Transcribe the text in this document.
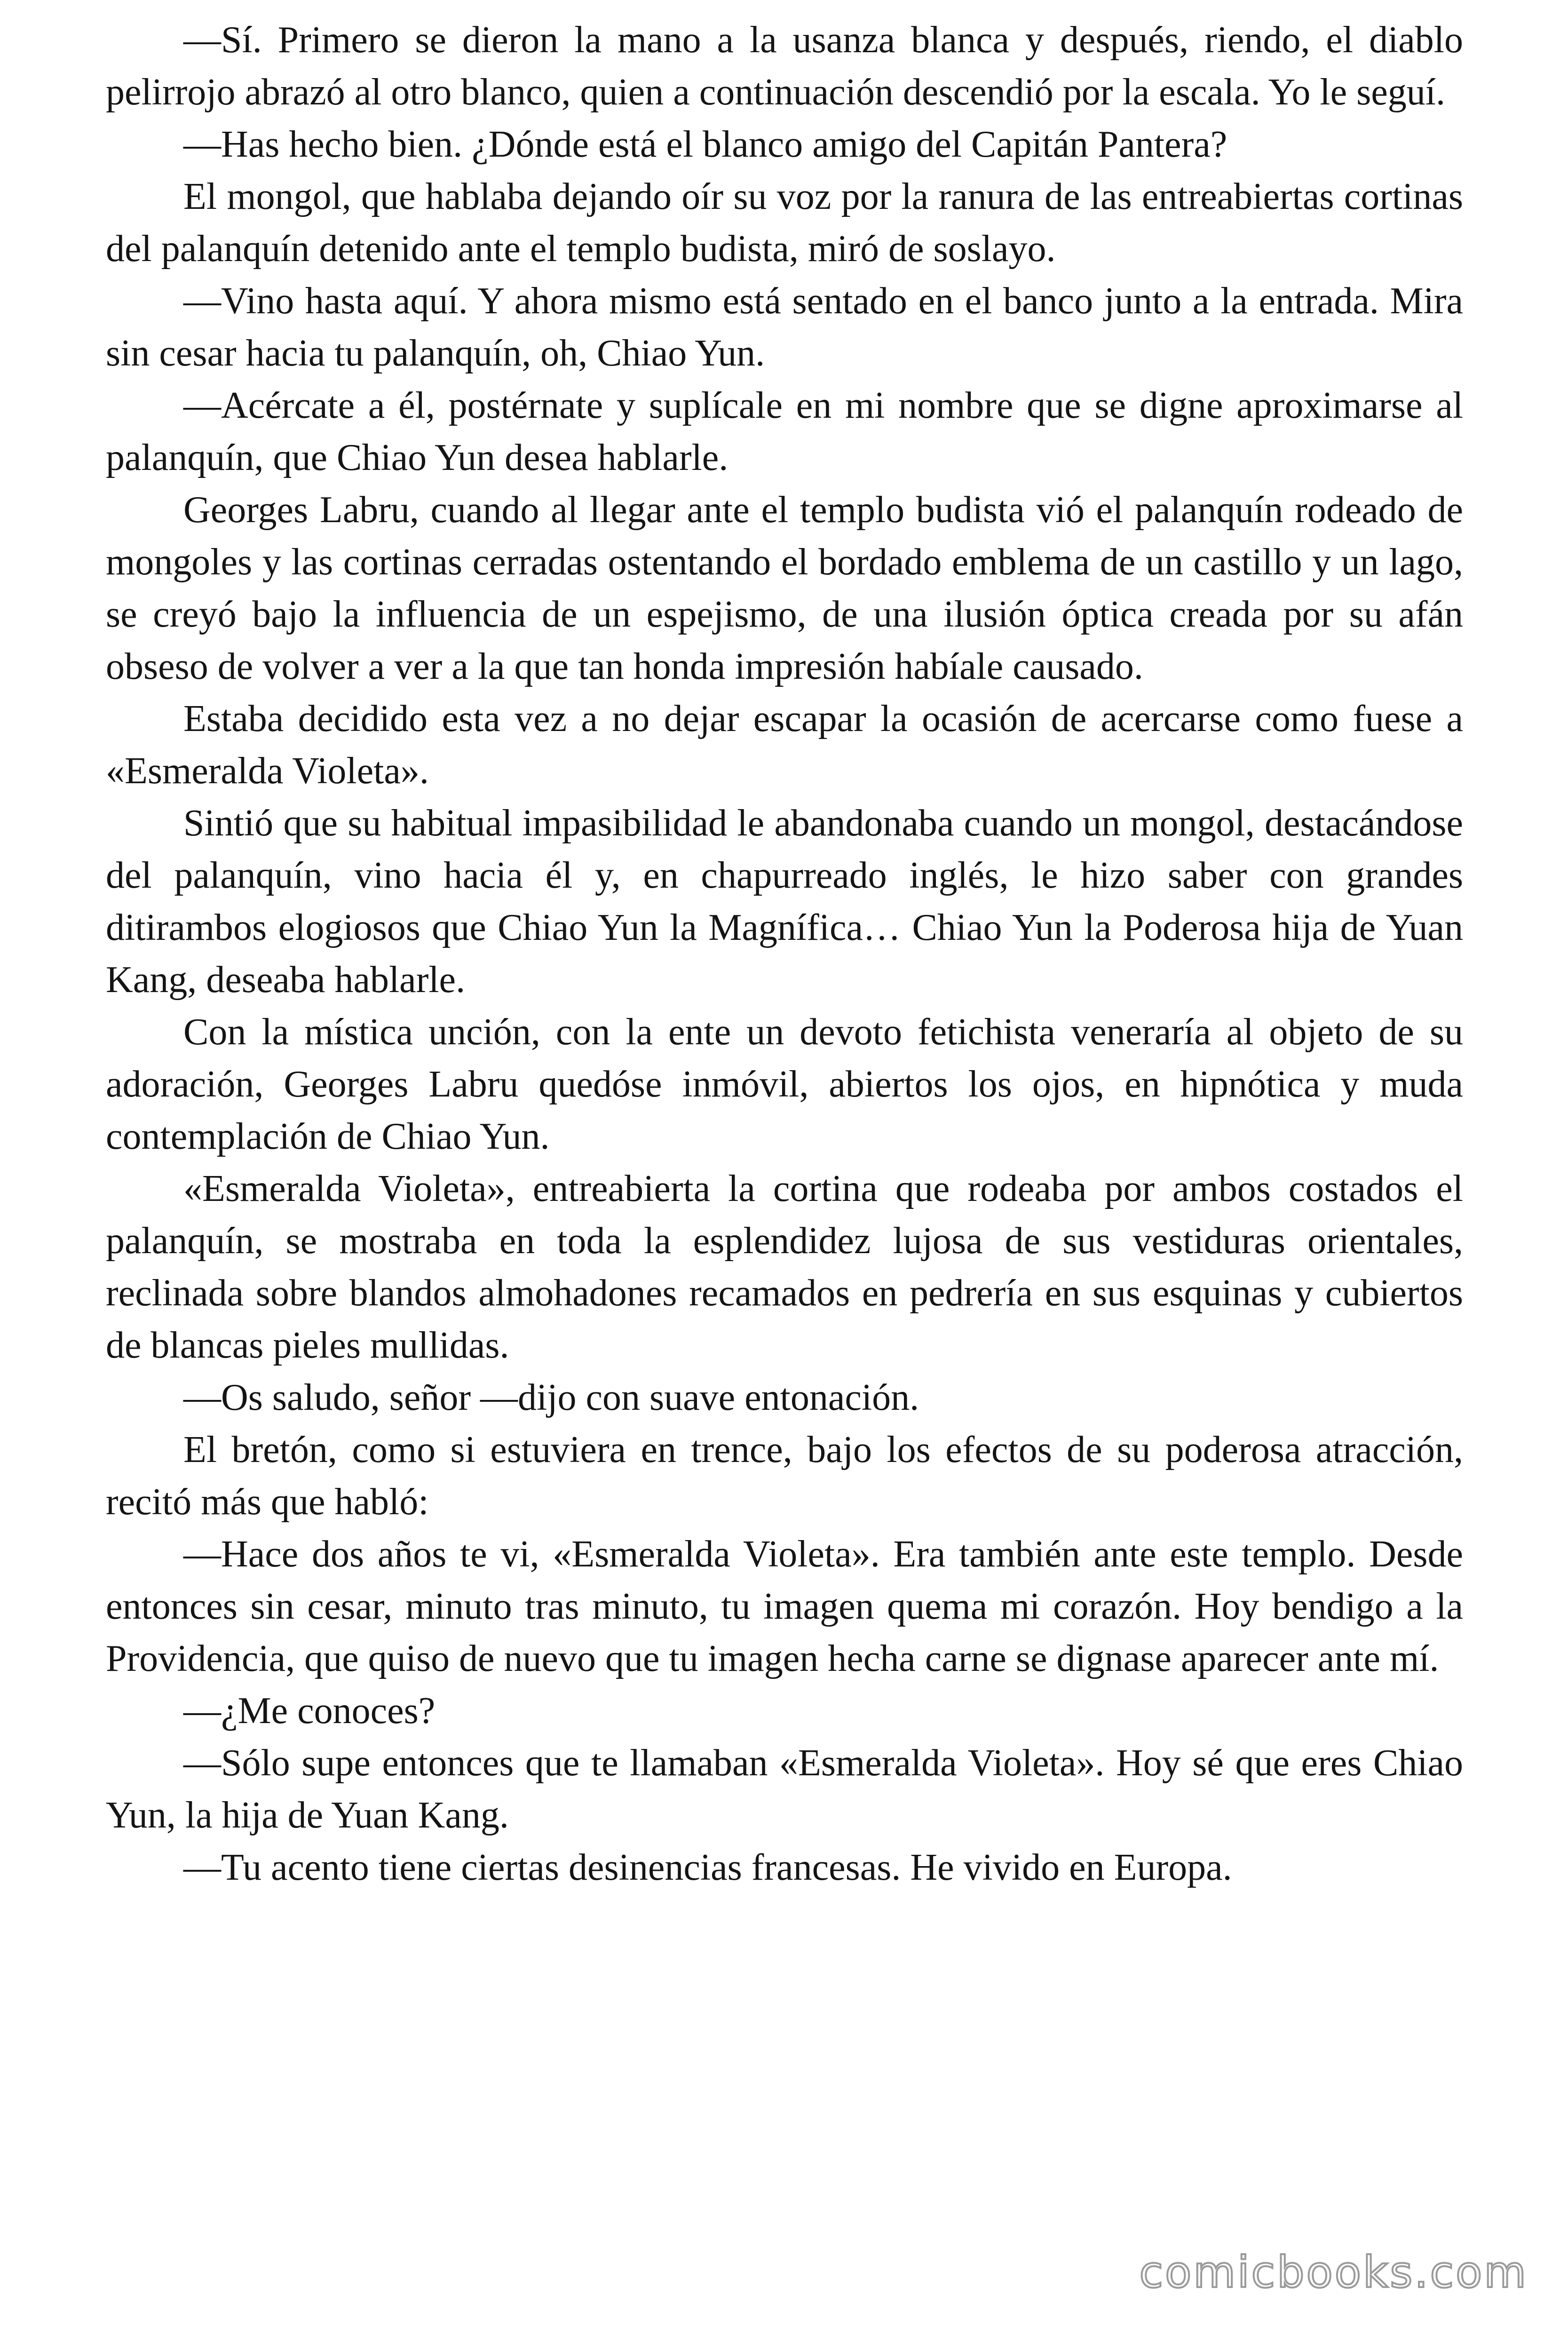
—Sí. Primero se dieron la mano a la usanza blanca y después, riendo, el diablo pelirrojo abrazó al otro blanco, quien a continuación descendió por la escala. Yo le seguí.

—Has hecho bien. ¿Dónde está el blanco amigo del Capitán Pantera?

El mongol, que hablaba dejando oír su voz por la ranura de las entreabiertas cortinas del palanquín detenido ante el templo budista, miró de soslayo.

—Vino hasta aquí. Y ahora mismo está sentado en el banco junto a la entrada. Mira sin cesar hacia tu palanquín, oh, Chiao Yun.

—Acércate a él, postérnate y suplícale en mi nombre que se digne aproximarse al palanquín, que Chiao Yun desea hablarle.

Georges Labru, cuando al llegar ante el templo budista vió el palanquín rodeado de mongoles y las cortinas cerradas ostentando el bordado emblema de un castillo y un lago, se creyó bajo la influencia de un espejismo, de una ilusión óptica creada por su afán obseso de volver a ver a la que tan honda impresión habíale causado.

Estaba decidido esta vez a no dejar escapar la ocasión de acercarse como fuese a «Esmeralda Violeta».

Sintió que su habitual impasibilidad le abandonaba cuando un mongol, destacándose del palanquín, vino hacia él y, en chapurreado inglés, le hizo saber con grandes ditirambos elogiosos que Chiao Yun la Magnífica… Chiao Yun la Poderosa hija de Yuan Kang, deseaba hablarle.

Con la mística unción, con la ente un devoto fetichista veneraría al objeto de su adoración, Georges Labru quedóse inmóvil, abiertos los ojos, en hipnótica y muda contemplación de Chiao Yun.

«Esmeralda Violeta», entreabierta la cortina que rodeaba por ambos costados el palanquín, se mostraba en toda la esplendidez lujosa de sus vestiduras orientales, reclinada sobre blandos almohadones recamados en pedrería en sus esquinas y cubiertos de blancas pieles mullidas.

—Os saludo, señor —dijo con suave entonación.

El bretón, como si estuviera en trence, bajo los efectos de su poderosa atracción, recitó más que habló:

—Hace dos años te vi, «Esmeralda Violeta». Era también ante este templo. Desde entonces sin cesar, minuto tras minuto, tu imagen quema mi corazón. Hoy bendigo a la Providencia, que quiso de nuevo que tu imagen hecha carne se dignase aparecer ante mí.

—¿Me conoces?

—Sólo supe entonces que te llamaban «Esmeralda Violeta». Hoy sé que eres Chiao Yun, la hija de Yuan Kang.

—Tu acento tiene ciertas desinencias francesas. He vivido en Europa.

comicbooks.com
